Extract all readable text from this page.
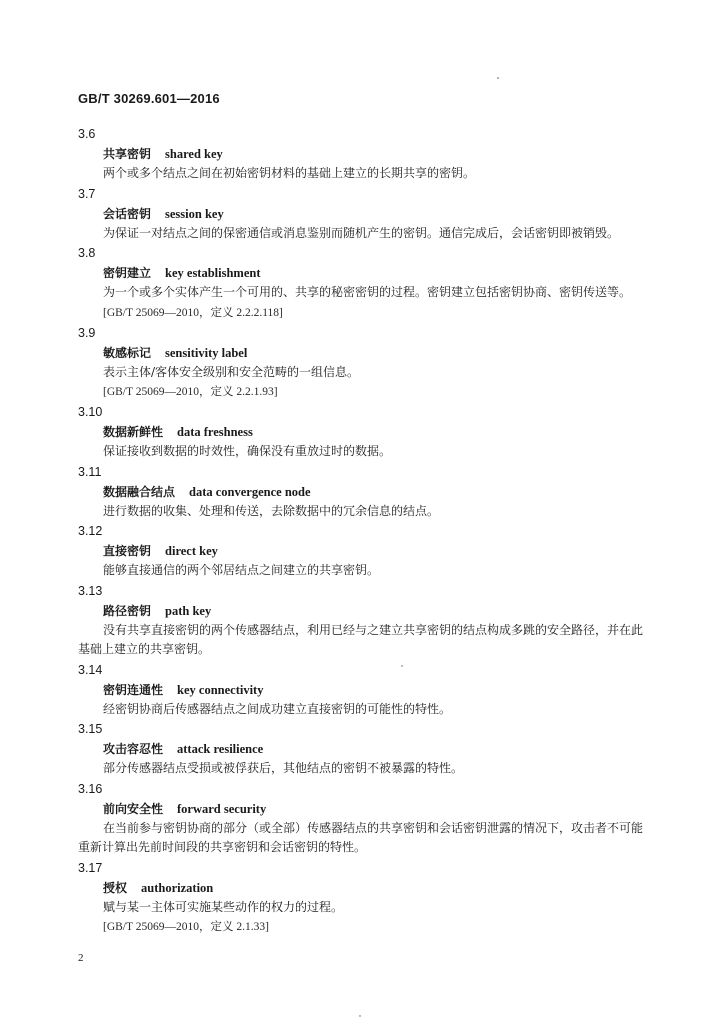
GB/T 30269.601—2016
3.6
共享密钥 shared key
两个或多个结点之间在初始密钥材料的基础上建立的长期共享的密钥。
3.7
会话密钥 session key
为保证一对结点之间的保密通信或消息鉴别而随机产生的密钥。通信完成后，会话密钥即被销毁。
3.8
密钥建立 key establishment
为一个或多个实体产生一个可用的、共享的秘密密钥的过程。密钥建立包括密钥协商、密钥传送等。
[GB/T 25069—2010，定义 2.2.2.118]
3.9
敏感标记 sensitivity label
表示主体/客体安全级别和安全范畴的一组信息。
[GB/T 25069—2010，定义 2.2.1.93]
3.10
数据新鲜性 data freshness
保证接收到数据的时效性，确保没有重放过时的数据。
3.11
数据融合结点 data convergence node
进行数据的收集、处理和传送，去除数据中的冗余信息的结点。
3.12
直接密钥 direct key
能够直接通信的两个邻居结点之间建立的共享密钥。
3.13
路径密钥 path key
没有共享直接密钥的两个传感器结点，利用已经与之建立共享密钥的结点构成多跳的安全路径，并在此基础上建立的共享密钥。
3.14
密钥连通性 key connectivity
经密钥协商后传感器结点之间成功建立直接密钥的可能性的特性。
3.15
攻击容忍性 attack resilience
部分传感器结点受损或被俘获后，其他结点的密钥不被暴露的特性。
3.16
前向安全性 forward security
在当前参与密钥协商的部分（或全部）传感器结点的共享密钥和会话密钥泄露的情况下，攻击者不可能重新计算出先前时间段的共享密钥和会话密钥的特性。
3.17
授权 authorization
赋与某一主体可实施某些动作的权力的过程。
[GB/T 25069—2010，定义 2.1.33]
2
